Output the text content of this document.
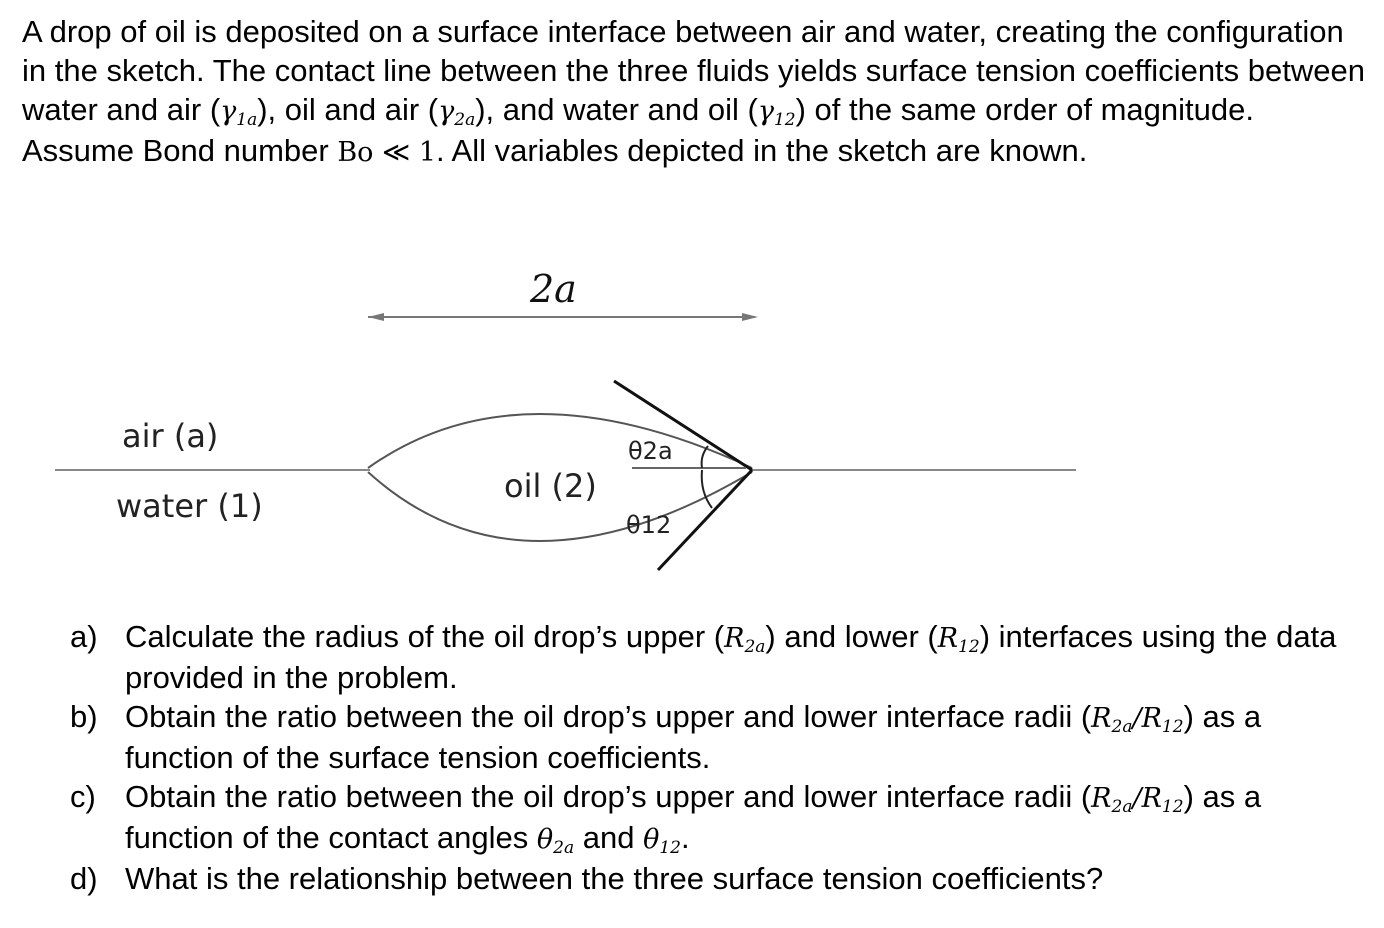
A drop of oil is deposited on a surface interface between air and water, creating the configuration in the sketch. The contact line between the three fluids yields surface tension coefficients between water and air $(\gamma_{1a})$, oil and air $(\gamma_{2a})$, and water and oil $(\gamma_{12})$ of the same order of magnitude. Assume Bond number Bo ≪ 1. All variables depicted in the sketch are known.

2a
air (a)
water (1)
oil (2)
θ2a
θ12
a) Calculate the radius of the oil drop’s upper $(R_{2a})$ and lower $(R_{12})$ interfaces using the data provided in the problem.
b) Obtain the ratio between the oil drop’s upper and lower interface radii $(R_{2a}/R_{12})$ as a function of the surface tension coefficients.
c) Obtain the ratio between the oil drop’s upper and lower interface radii $(R_{2a}/R_{12})$ as a function of the contact angles $\theta_{2a}$ and $\theta_{12}$.
d) What is the relationship between the three surface tension coefficients?
